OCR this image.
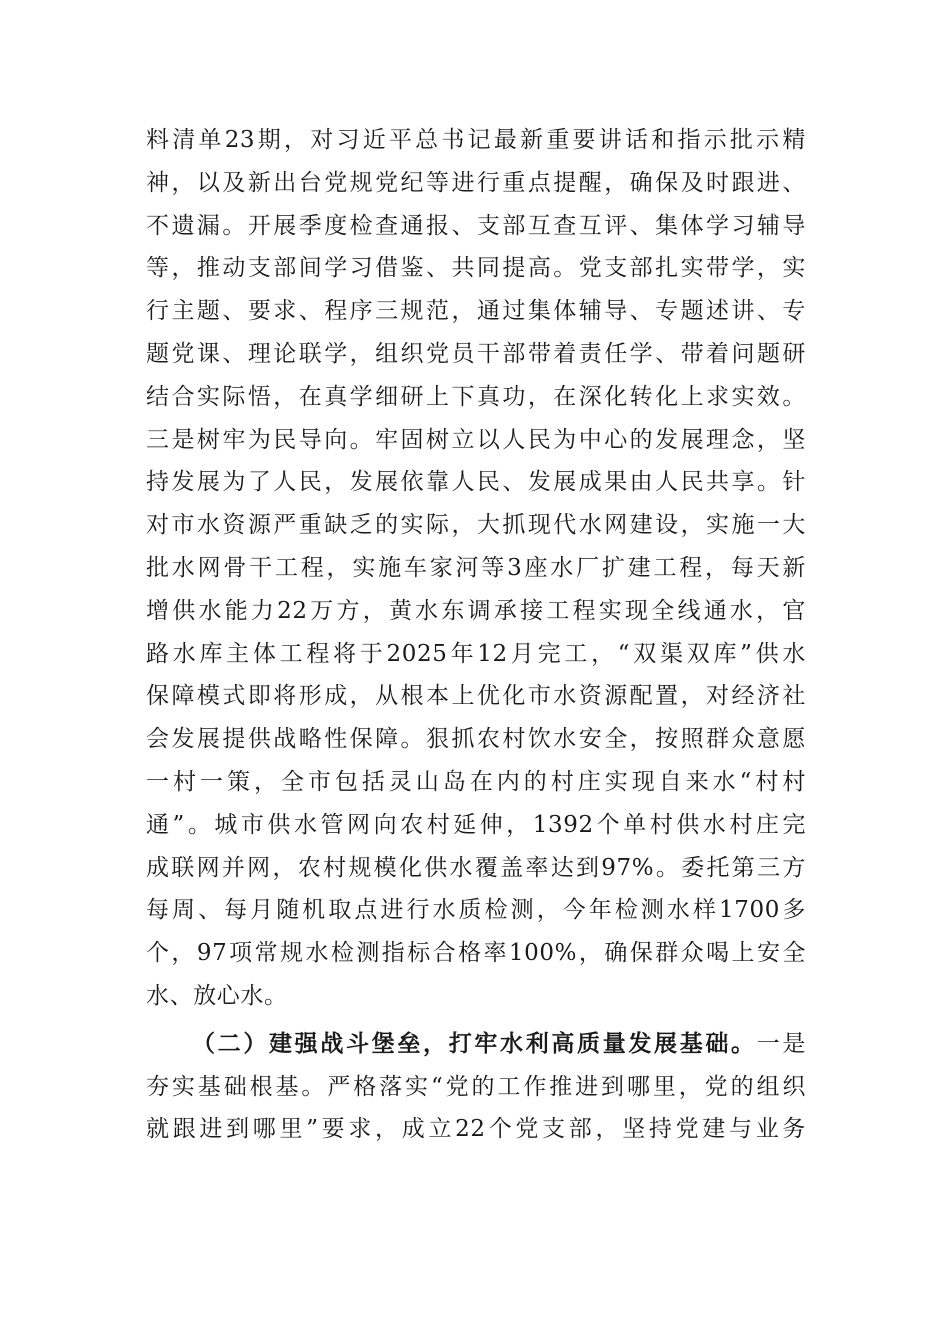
料清单23期，对习近平总书记最新重要讲话和指示批示精
神，以及新出台党规党纪等进行重点提醒，确保及时跟进、
不遗漏。开展季度检查通报、支部互查互评、集体学习辅导
等，推动支部间学习借鉴、共同提高。党支部扎实带学，实
行主题、要求、程序三规范，通过集体辅导、专题述讲、专
题党课、理论联学，组织党员干部带着责任学、带着问题研
结合实际悟，在真学细研上下真功，在深化转化上求实效。
三是树牢为民导向。牢固树立以人民为中心的发展理念，坚
持发展为了人民，发展依靠人民、发展成果由人民共享。针
对市水资源严重缺乏的实际，大抓现代水网建设，实施一大
批水网骨干工程，实施车家河等3座水厂扩建工程，每天新
增供水能力22万方，黄水东调承接工程实现全线通水，官
路水库主体工程将于2025年12月完工，“双渠双库”供水
保障模式即将形成，从根本上优化市水资源配置，对经济社
会发展提供战略性保障。狠抓农村饮水安全，按照群众意愿
一村一策，全市包括灵山岛在内的村庄实现自来水“村村
通”。城市供水管网向农村延伸，1392个单村供水村庄完
成联网并网，农村规模化供水覆盖率达到97%。委托第三方
每周、每月随机取点进行水质检测，今年检测水样1700多
个，97项常规水检测指标合格率100%，确保群众喝上安全
水、放心水。
（二）建强战斗堡垒，打牢水利高质量发展基础。一是
夯实基础根基。严格落实“党的工作推进到哪里，党的组织
就跟进到哪里”要求，成立22个党支部，坚持党建与业务
